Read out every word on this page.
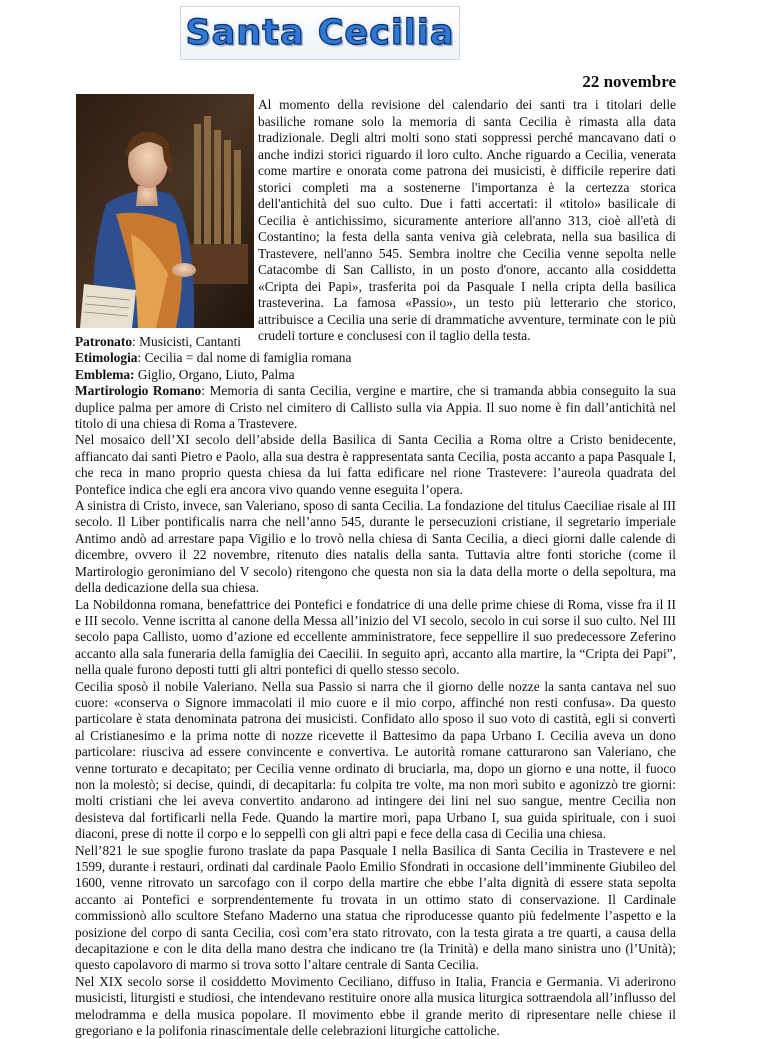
Santa Cecilia
22 novembre
Al momento della revisione del calendario dei santi tra i titolari delle basiliche romane solo la memoria di santa Cecilia è rimasta alla data tradizionale. Degli altri molti sono stati soppressi perché mancavano dati o anche indizi storici riguardo il loro culto. Anche riguardo a Cecilia, venerata come martire e onorata come patrona dei musicisti, è difficile reperire dati storici completi ma a sostenerne l'importanza è la certezza storica dell'antichità del suo culto. Due i fatti accertati: il «titolo» basilicale di Cecilia è antichissimo, sicuramente anteriore all'anno 313, cioè all'età di Costantino; la festa della santa veniva già celebrata, nella sua basilica di Trastevere, nell'anno 545. Sembra inoltre che Cecilia venne sepolta nelle Catacombe di San Callisto, in un posto d'onore, accanto alla cosiddetta «Cripta dei Papi», trasferita poi da Pasquale I nella cripta della basilica trasteverina. La famosa «Passio», un testo più letterario che storico, attribuisce a Cecilia una serie di drammatiche avventure, terminate con le più crudeli torture e conclusesi con il taglio della testa.

Patronato: Musicisti, Cantanti

Etimologia: Cecilia = dal nome di famiglia romana

Emblema: Giglio, Organo, Liuto, Palma

Martirologio Romano: Memoria di santa Cecilia, vergine e martire, che si tramanda abbia conseguito la sua duplice palma per amore di Cristo nel cimitero di Callisto sulla via Appia. Il suo nome è fin dall’antichità nel titolo di una chiesa di Roma a Trastevere.

Nel mosaico dell’XI secolo dell’abside della Basilica di Santa Cecilia a Roma oltre a Cristo benidecente, affiancato dai santi Pietro e Paolo, alla sua destra è rappresentata santa Cecilia, posta accanto a papa Pasquale I, che reca in mano proprio questa chiesa da lui fatta edificare nel rione Trastevere: l’aureola quadrata del Pontefice indica che egli era ancora vivo quando venne eseguita l’opera.

A sinistra di Cristo, invece, san Valeriano, sposo di santa Cecilia. La fondazione del titulus Caeciliae risale al III secolo. Il Liber pontificalis narra che nell’anno 545, durante le persecuzioni cristiane, il segretario imperiale Antimo andò ad arrestare papa Vigilio e lo trovò nella chiesa di Santa Cecilia, a dieci giorni dalle calende di dicembre, ovvero il 22 novembre, ritenuto dies natalis della santa. Tuttavia altre fonti storiche (come il Martirologio geronimiano del V secolo) ritengono che questa non sia la data della morte o della sepoltura, ma della dedicazione della sua chiesa.

La Nobildonna romana, benefattrice dei Pontefici e fondatrice di una delle prime chiese di Roma, visse fra il II e III secolo. Venne iscritta al canone della Messa all’inizio del VI secolo, secolo in cui sorse il suo culto. Nel III secolo papa Callisto, uomo d’azione ed eccellente amministratore, fece seppellire il suo predecessore Zeferino accanto alla sala funeraria della famiglia dei Caecilii. In seguito aprì, accanto alla martire, la “Cripta dei Papi”, nella quale furono deposti tutti gli altri pontefici di quello stesso secolo.

Cecilia sposò il nobile Valeriano. Nella sua Passio si narra che il giorno delle nozze la santa cantava nel suo cuore: «conserva o Signore immacolati il mio cuore e il mio corpo, affinché non resti confusa». Da questo particolare è stata denominata patrona dei musicisti. Confidato allo sposo il suo voto di castità, egli si convertì al Cristianesimo e la prima notte di nozze ricevette il Battesimo da papa Urbano I. Cecilia aveva un dono particolare: riusciva ad essere convincente e convertiva. Le autorità romane catturarono san Valeriano, che venne torturato e decapitato; per Cecilia venne ordinato di bruciarla, ma, dopo un giorno e una notte, il fuoco non la molestò; si decise, quindi, di decapitarla: fu colpita tre volte, ma non morì subito e agonizzò tre giorni: molti cristiani che lei aveva convertito andarono ad intingere dei lini nel suo sangue, mentre Cecilia non desisteva dal fortificarli nella Fede. Quando la martire morì, papa Urbano I, sua guida spirituale, con i suoi diaconi, prese di notte il corpo e lo seppellì con gli altri papi e fece della casa di Cecilia una chiesa.

Nell’821 le sue spoglie furono traslate da papa Pasquale I nella Basilica di Santa Cecilia in Trastevere e nel 1599, durante i restauri, ordinati dal cardinale Paolo Emilio Sfondrati in occasione dell’imminente Giubileo del 1600, venne ritrovato un sarcofago con il corpo della martire che ebbe l’alta dignità di essere stata sepolta accanto ai Pontefici e sorprendentemente fu trovata in un ottimo stato di conservazione. Il Cardinale commissionò allo scultore Stefano Maderno una statua che riproducesse quanto più fedelmente l’aspetto e la posizione del corpo di santa Cecilia, così com’era stato ritrovato, con la testa girata a tre quarti, a causa della decapitazione e con le dita della mano destra che indicano tre (la Trinità) e della mano sinistra uno (l’Unità); questo capolavoro di marmo si trova sotto l’altare centrale di Santa Cecilia.

Nel XIX secolo sorse il cosiddetto Movimento Ceciliano, diffuso in Italia, Francia e Germania. Vi aderirono musicisti, liturgisti e studiosi, che intendevano restituire onore alla musica liturgica sottraendola all’influsso del melodramma e della musica popolare. Il movimento ebbe il grande merito di ripresentare nelle chiese il gregoriano e la polifonia rinascimentale delle celebrazioni liturgiche cattoliche.
